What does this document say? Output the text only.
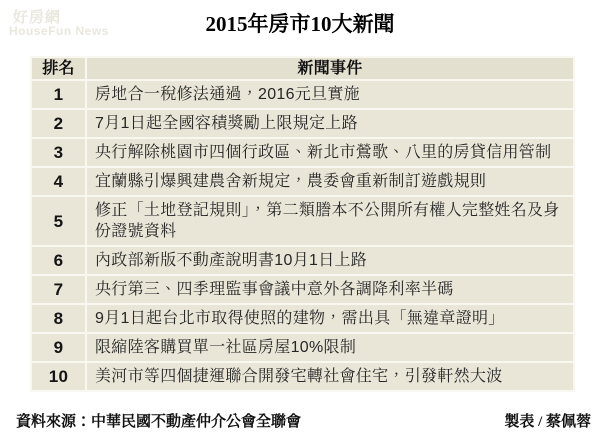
好房網
HouseFun News	2015年房市10大新聞
排名	新聞事件
1	房地合一稅修法通過，2016元旦實施
2	7月1日起全國容積獎勵上限規定上路
3	央行解除桃園市四個行政區、新北市鶯歌、八里的房貸信用管制
4	宜蘭縣引爆興建農舍新規定，農委會重新制訂遊戲規則
5	修正「土地登記規則」，第二類謄本不公開所有權人完整姓名及身份證號資料
6	內政部新版不動產說明書10月1日上路
7	央行第三、四季理監事會議中意外各調降利率半碼
8	9月1日起台北市取得使照的建物，需出具「無違章證明」
9	限縮陸客購買單一社區房屋10%限制
10	美河市等四個捷運聯合開發宅轉社會住宅，引發軒然大波
資料來源：中華民國不動產仲介公會全聯會	製表 / 蔡佩蓉
